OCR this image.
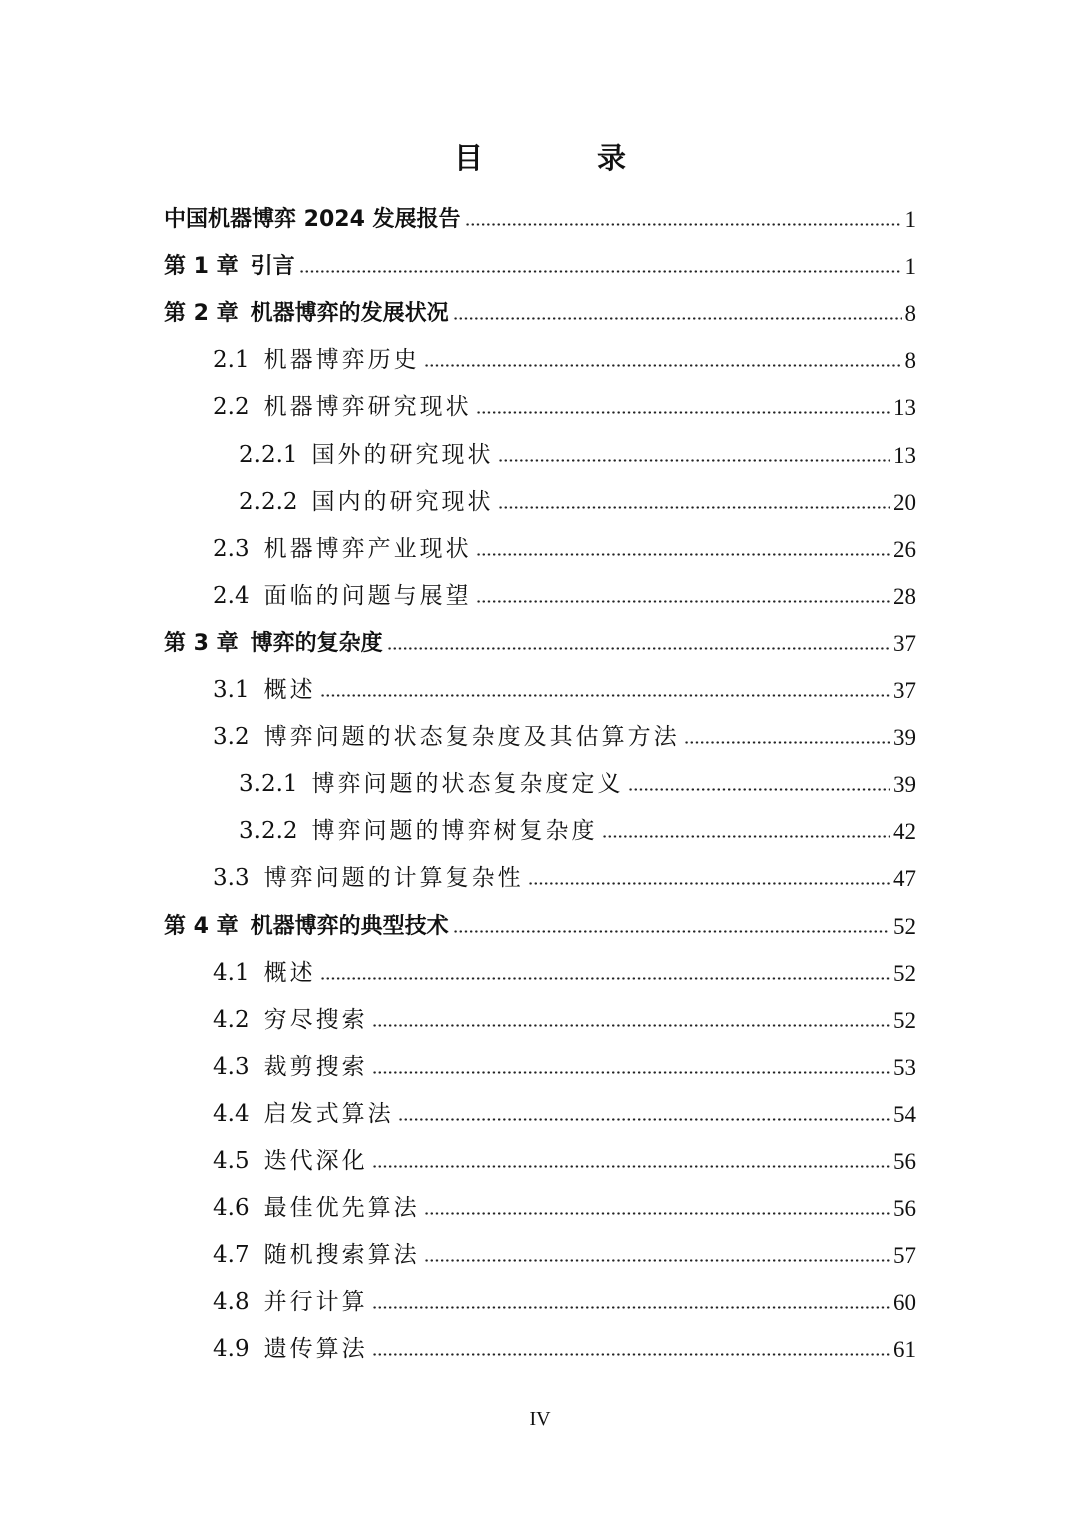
目 录
中国机器博弈 2024 发展报告	1
第 1 章 引言	1
第 2 章 机器博弈的发展状况	8
2.1 机器博弈历史	8
2.2 机器博弈研究现状	13
2.2.1 国外的研究现状	13
2.2.2 国内的研究现状	20
2.3 机器博弈产业现状	26
2.4 面临的问题与展望	28
第 3 章 博弈的复杂度	37
3.1 概述	37
3.2 博弈问题的状态复杂度及其估算方法	39
3.2.1 博弈问题的状态复杂度定义	39
3.2.2 博弈问题的博弈树复杂度	42
3.3 博弈问题的计算复杂性	47
第 4 章 机器博弈的典型技术	52
4.1 概述	52
4.2 穷尽搜索	52
4.3 裁剪搜索	53
4.4 启发式算法	54
4.5 迭代深化	56
4.6 最佳优先算法	56
4.7 随机搜索算法	57
4.8 并行计算	60
4.9 遗传算法	61
IV
